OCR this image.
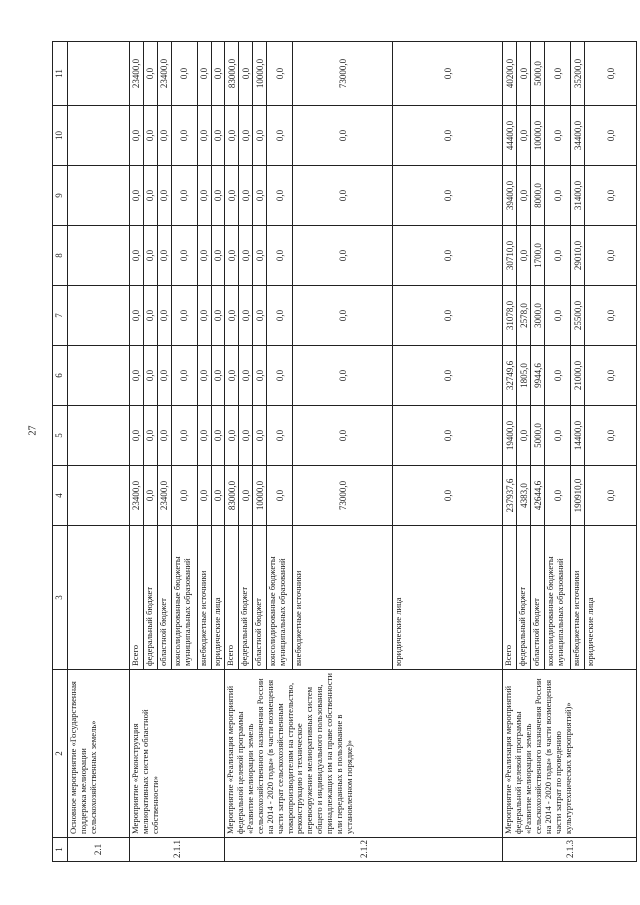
27
1	2	3	4	5	6	7	8	9	10	11
2.1	Основное мероприятие «Государственная поддержка мелиорации сельскохозяйственных земель»									
2.1.1	Мероприятие «Реконструкция мелиоративных систем областной собственности»	Всего	23400,0	0,0	0,0	0,0	0,0	0,0	0,0	23400,0
		федеральный бюджет	0,0	0,0	0,0	0,0	0,0	0,0	0,0	0,0
		областной бюджет	23400,0	0,0	0,0	0,0	0,0	0,0	0,0	23400,0
		консолидированные бюджеты муниципальных образований	0,0	0,0	0,0	0,0	0,0	0,0	0,0	0,0
		внебюджетные источники	0,0	0,0	0,0	0,0	0,0	0,0	0,0	0,0
		юридические лица	0,0	0,0	0,0	0,0	0,0	0,0	0,0	0,0
2.1.2	Мероприятие «Реализация мероприятий федеральной целевой программы «Развитие мелиорации земель сельскохозяйственного назначения России на 2014 - 2020 годы» (в части возмещения части затрат сельскохозяйственным товаропроизводителям на строительство, реконструкцию и техническое перевооружение мелиоративных систем общего и индивидуального пользования, принадлежащих им на праве собственности или переданных в пользование в установленном порядке)»	Всего	83000,0	0,0	0,0	0,0	0,0	0,0	0,0	83000,0
		федеральный бюджет	0,0	0,0	0,0	0,0	0,0	0,0	0,0	0,0
		областной бюджет	10000,0	0,0	0,0	0,0	0,0	0,0	0,0	10000,0
		консолидированные бюджеты муниципальных образований	0,0	0,0	0,0	0,0	0,0	0,0	0,0	0,0
		внебюджетные источники	73000,0	0,0	0,0	0,0	0,0	0,0	0,0	73000,0
		юридические лица	0,0	0,0	0,0	0,0	0,0	0,0	0,0	0,0
2.1.3	Мероприятие «Реализация мероприятий федеральной целевой программы «Развитие мелиорации земель сельскохозяйственного назначения России на 2014 - 2020 годы» (в части возмещения части затрат по проведению культуртехнических мероприятий)»	Всего	237937,6	19400,0	32749,6	31078,0	30710,0	39400,0	44400,0	40200,0
		федеральный бюджет	4383,0	0,0	1805,0	2578,0	0,0	0,0	0,0	0,0
		областной бюджет	42644,6	5000,0	9944,6	3000,0	1700,0	8000,0	10000,0	5000,0
		консолидированные бюджеты муниципальных образований	0,0	0,0	0,0	0,0	0,0	0,0	0,0	0,0
		внебюджетные источники	190910,0	14400,0	21000,0	25500,0	29010,0	31400,0	34400,0	35200,0
		юридические лица	0,0	0,0	0,0	0,0	0,0	0,0	0,0	0,0
